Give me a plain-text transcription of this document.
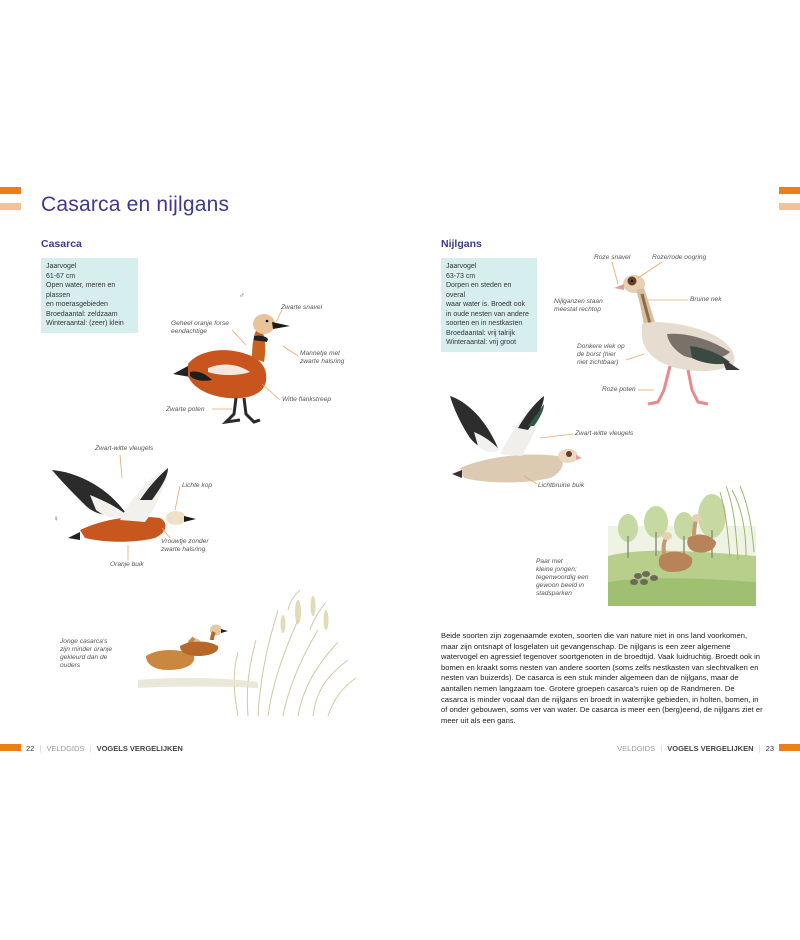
Casarca en nijlgans
Casarca
Jaarvogel
61-67 cm
Open water, meren en plassen
en moerasgebieden
Broedaantal: zeldzaam
Winteraantal: (zeer) klein
♂
Zwarte snavel
Geheel oranje forse
eendachtige
Mannetje met
zwarte halsring
Witte flankstreep
Zwarte poten
♀
Zwart-witte vleugels
Lichte kop
Vrouwtje zonder
zwarte halsring
Oranje buik
Jonge casarca's
zijn minder oranje
gekleurd dan de
ouders
Nijlgans
Jaarvogel
63-73 cm
Dorpen en steden en overal
waar water is. Broedt ook
in oude nesten van andere
soorten en in nestkasten
Broedaantal: vrij talrijk
Winteraantal: vrij groot
Roze snavel	Roze/rode oogring
Nijlganzen staan
meestal rechtop
Bruine nek
Donkere vlek op
de borst (hier
niet zichtbaar)
Roze poten
Zwart-witte vleugels
Lichtbruine buik
Paar met
kleine jongen;
tegenwoordig een
gewoon beeld in
stadsparken
Beide soorten zijn zogenaamde exoten, soorten die van nature niet in ons land voorkomen, maar zijn ontsnapt of losgelaten uit gevangenschap. De nijlgans is een zeer algemene watervogel en agressief tegenover soortgenoten in de broedtijd. Vaak luidruchtig. Broedt ook in bomen en kraakt soms nesten van andere soorten (soms zelfs nestkasten van slechtvalken en nesten van buizerds). De casarca is een stuk minder algemeen dan de nijlgans, maar de aantallen nemen langzaam toe. Grotere groepen casarca's ruien op de Randmeren. De casarca is minder vocaal dan de nijlgans en broedt in waterrijke gebieden, in holten, bomen, in of onder gebouwen, soms ver van water. De casarca is meer een (berg)eend, de nijlgans ziet er meer uit als een gans.
22 | VELDGIDS | VOGELS VERGELIJKEN	VELDGIDS | VOGELS VERGELIJKEN | 23
